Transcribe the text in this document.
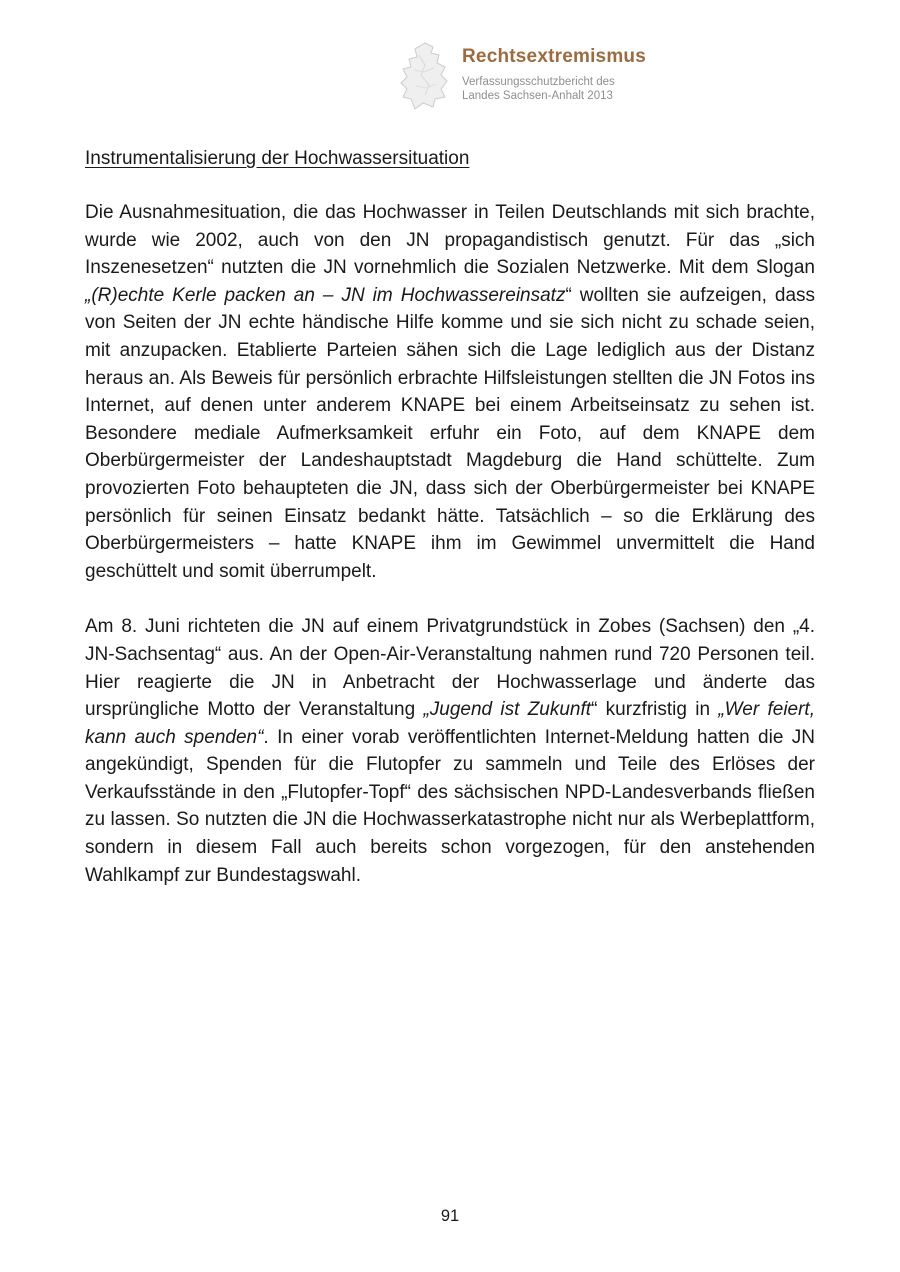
Rechtsextremismus
Verfassungsschutzbericht des
Landes Sachsen-Anhalt 2013
Instrumentalisierung der Hochwassersituation

Die Ausnahmesituation, die das Hochwasser in Teilen Deutschlands mit sich brachte, wurde wie 2002, auch von den JN propagandistisch genutzt. Für das „sich Inszenesetzen“ nutzten die JN vornehmlich die Sozialen Netzwerke. Mit dem Slogan „(R)echte Kerle packen an – JN im Hochwassereinsatz“ wollten sie aufzeigen, dass von Seiten der JN echte händische Hilfe komme und sie sich nicht zu schade seien, mit anzupacken. Etablierte Parteien sähen sich die Lage lediglich aus der Distanz heraus an. Als Beweis für persönlich erbrachte Hilfsleistungen stellten die JN Fotos ins Internet, auf denen unter anderem KNAPE bei einem Arbeitseinsatz zu sehen ist. Besondere mediale Aufmerksamkeit erfuhr ein Foto, auf dem KNAPE dem Oberbürgermeister der Landeshauptstadt Magdeburg die Hand schüttelte. Zum provozierten Foto behaupteten die JN, dass sich der Oberbürgermeister bei KNAPE persönlich für seinen Einsatz bedankt hätte. Tatsächlich – so die Erklärung des Oberbürgermeisters – hatte KNAPE ihm im Gewimmel unvermittelt die Hand geschüttelt und somit überrumpelt.

Am 8. Juni richteten die JN auf einem Privatgrundstück in Zobes (Sachsen) den „4. JN-Sachsentag“ aus. An der Open-Air-Veranstaltung nahmen rund 720 Personen teil. Hier reagierte die JN in Anbetracht der Hochwasserlage und änderte das ursprüngliche Motto der Veranstaltung „Jugend ist Zukunft“ kurzfristig in „Wer feiert, kann auch spenden“. In einer vorab veröffentlichten Internet-Meldung hatten die JN angekündigt, Spenden für die Flutopfer zu sammeln und Teile des Erlöses der Verkaufsstände in den „Flutopfer-Topf“ des sächsischen NPD-Landesverbands fließen zu lassen. So nutzten die JN die Hochwasserkatastrophe nicht nur als Werbeplattform, sondern in diesem Fall auch bereits schon vorgezogen, für den anstehenden Wahlkampf zur Bundestagswahl.

91
